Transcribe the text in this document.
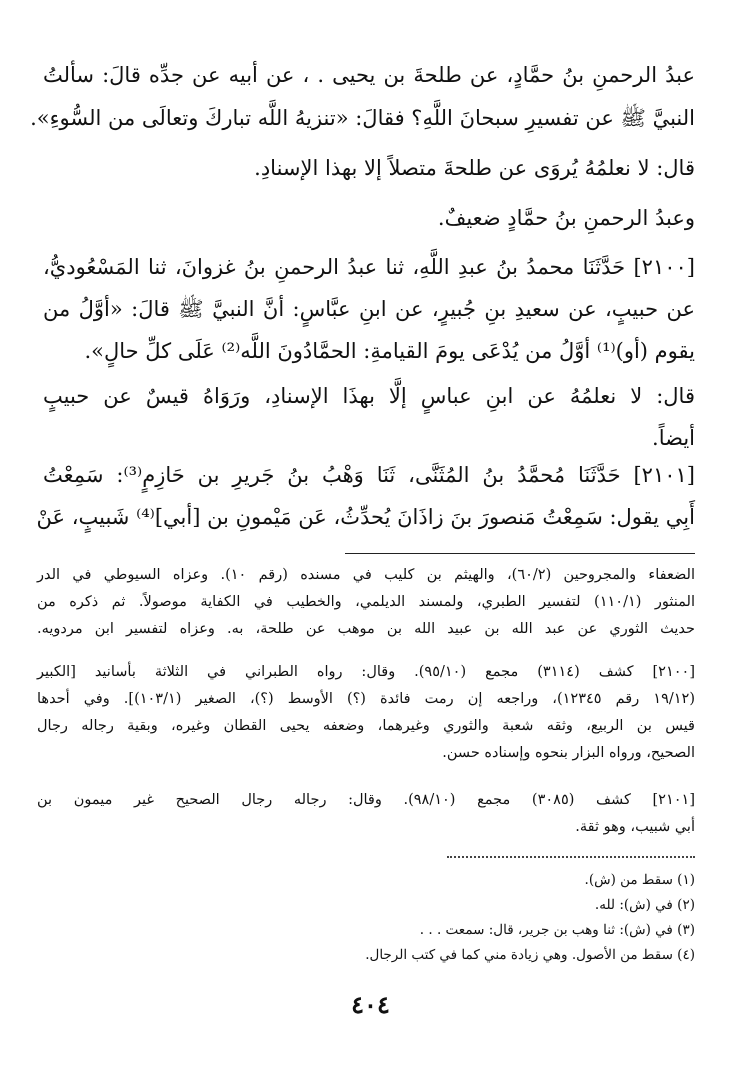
عبدُ الرحمنِ بنُ حمَّادٍ، عن طلحةَ بن يحيى . ، عن أبيه عن جدِّه قالَ: سألتُ
النبيَّ ﷺ عن تفسيرِ سبحانَ اللَّهِ؟ فقالَ: «تنزيهُ اللَّه تباركَ وتعالَى من السُّوءِ».
قال: لا نعلمُهُ يُروَى عن طلحةَ متصلاً إلا بهذا الإسنادِ.
وعبدُ الرحمنِ بنُ حمَّادٍ ضعيفٌ.
[٢١٠٠] حَدَّثَنَا محمدُ بنُ عبدِ اللَّهِ، ثنا عبدُ الرحمنِ بنُ غزوانَ، ثنا المَسْعُوديُّ،
عن حبيبٍ، عن سعيدِ بنِ جُبيرٍ، عن ابنِ عبَّاسٍ: أنَّ النبيَّ ﷺ قالَ: «أوَّلُ من
يقوم (أو)⁽¹⁾ أوَّلُ من يُدْعَى يومَ القيامةِ: الحمَّادُونَ اللَّه⁽²⁾ عَلَى كلِّ حالٍ».
قال: لا نعلمُهُ عن ابنِ عباسٍ إلَّا بهذَا الإسنادِ، ورَوَاهُ قيسٌ عن حبيبٍ
أيضاً.
[٢١٠١] حَدَّثَنَا مُحمَّدُ بنُ المُثَنَّى، ثَنَا وَهْبُ بنُ جَريرِ بن حَازِمٍ⁽³⁾: سَمِعْتُ
أَبِي يقول: سَمِعْتُ مَنصورَ بنَ زاذَانَ يُحدِّثُ، عَن مَيْمونِ بن [أبي]⁽⁴⁾ شَبيبٍ، عَنْ
الضعفاء والمجروحين (٦٠/٢)، والهيثم بن كليب في مسنده (رقم ١٠). وعزاه السيوطي في الدر
المنثور (١١٠/١) لتفسير الطبري، ولمسند الديلمي، والخطيب في الكفاية موصولاً. ثم ذكره من
حديث الثوري عن عبد الله بن عبيد الله بن موهب عن طلحة، به. وعزاه لتفسير ابن مردويه.
[٢١٠٠] كشف (٣١١٤) مجمع (٩٥/١٠). وقال: رواه الطبراني في الثلاثة بأسانيد [الكبير
(١٩/١٢ رقم ١٢٣٤٥)، وراجعه إن رمت فائدة (؟) الأوسط (؟)، الصغير (١٠٣/١)]. وفي أحدها
قيس بن الربيع، وثقه شعبة والثوري وغيرهما، وضعفه يحيى القطان وغيره، وبقية رجاله رجال
الصحيح، ورواه البزار بنحوه وإسناده حسن.
[٢١٠١] كشف (٣٠٨٥) مجمع (٩٨/١٠). وقال: رجاله رجال الصحيح غير ميمون بن
أبي شبيب، وهو ثقة.
(١) سقط من (ش).
(٢) في (ش): لله.
(٣) في (ش): ثنا وهب بن جرير، قال: سمعت . . .
(٤) سقط من الأصول. وهي زيادة مني كما في كتب الرجال.
٤٠٤
